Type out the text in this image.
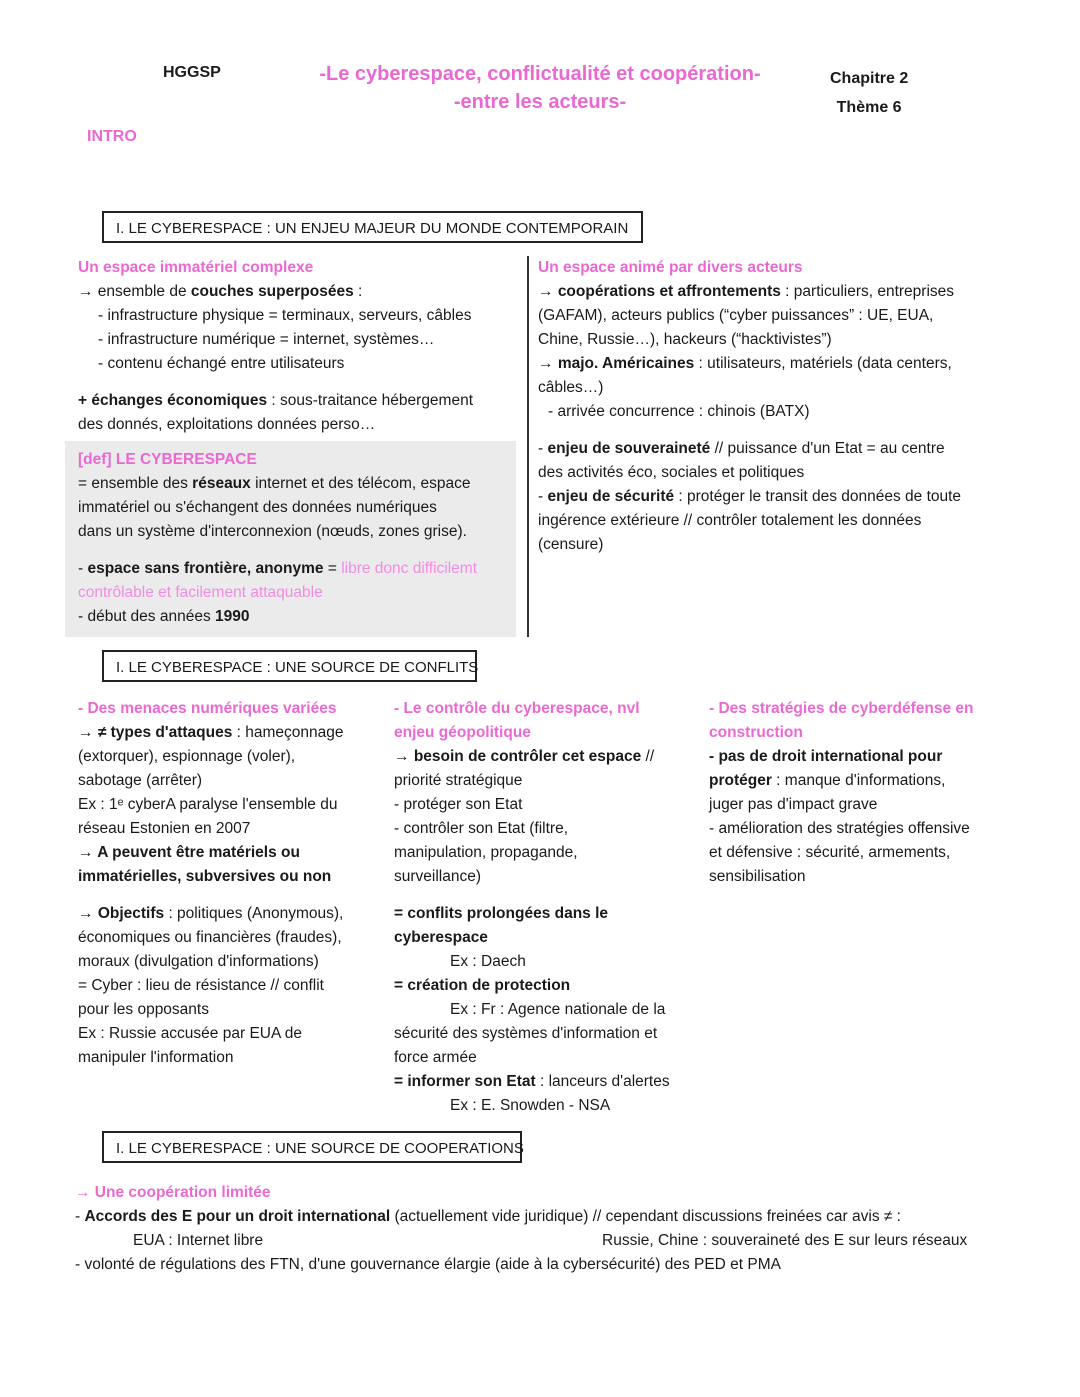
HGGSP	-Le cyberespace, conflictualité et coopération-
-entre les acteurs-
Chapitre 2
Thème 6
INTRO
I. LE CYBERESPACE : UN ENJEU MAJEUR DU MONDE CONTEMPORAIN

Un espace immatériel complexe

→ ensemble de couches superposées :

- infrastructure physique = terminaux, serveurs, câbles

- infrastructure numérique = internet, systèmes…

- contenu échangé entre utilisateurs

+ échanges économiques : sous-traitance hébergement

des donnés, exploitations données perso…

[def] LE CYBERESPACE

= ensemble des réseaux internet et des télécom, espace

immatériel ou s'échangent des données numériques

dans un système d'interconnexion (nœuds, zones grise).

- espace sans frontière, anonyme = libre donc difficilemt

contrôlable et facilement attaquable

- début des années 1990

Un espace animé par divers acteurs

→ coopérations et affrontements : particuliers, entreprises

(GAFAM), acteurs publics (“cyber puissances” : UE, EUA,

Chine, Russie…), hackeurs (“hacktivistes”)

→ majo. Américaines : utilisateurs, matériels (data centers,

câbles…)

- arrivée concurrence : chinois (BATX)

- enjeu de souveraineté // puissance d'un Etat = au centre

des activités éco, sociales et politiques

- enjeu de sécurité : protéger le transit des données de toute

ingérence extérieure // contrôler totalement les données

(censure)

I. LE CYBERESPACE : UNE SOURCE DE CONFLITS

- Des menaces numériques variées

→ ≠ types d'attaques : hameçonnage

(extorquer), espionnage (voler),

sabotage (arrêter)

Ex : 1ᵉ cyberA paralyse l'ensemble du

réseau Estonien en 2007

→ A peuvent être matériels ou

immatérielles, subversives ou non

→ Objectifs : politiques (Anonymous),

économiques ou financières (fraudes),

moraux (divulgation d'informations)

= Cyber : lieu de résistance // conflit

pour les opposants

Ex : Russie accusée par EUA de

manipuler l'information

- Le contrôle du cyberespace, nvl

enjeu géopolitique

→ besoin de contrôler cet espace //

priorité stratégique

- protéger son Etat

- contrôler son Etat (filtre,

manipulation, propagande,

surveillance)

= conflits prolongées dans le

cyberespace

Ex : Daech

= création de protection

Ex : Fr : Agence nationale de la

sécurité des systèmes d'information et

force armée

= informer son Etat : lanceurs d'alertes

Ex : E. Snowden - NSA

- Des stratégies de cyberdéfense en

construction

- pas de droit international pour

protéger : manque d'informations,

juger pas d'impact grave

- amélioration des stratégies offensive

et défensive : sécurité, armements,

sensibilisation

I. LE CYBERESPACE : UNE SOURCE DE COOPERATIONS

→ Une coopération limitée

- Accords des E pour un droit international (actuellement vide juridique) // cependant discussions freinées car avis ≠ :

EUA : Internet libre	Russie, Chine : souveraineté des E sur leurs réseaux

- volonté de régulations des FTN, d'une gouvernance élargie (aide à la cybersécurité) des PED et PMA
